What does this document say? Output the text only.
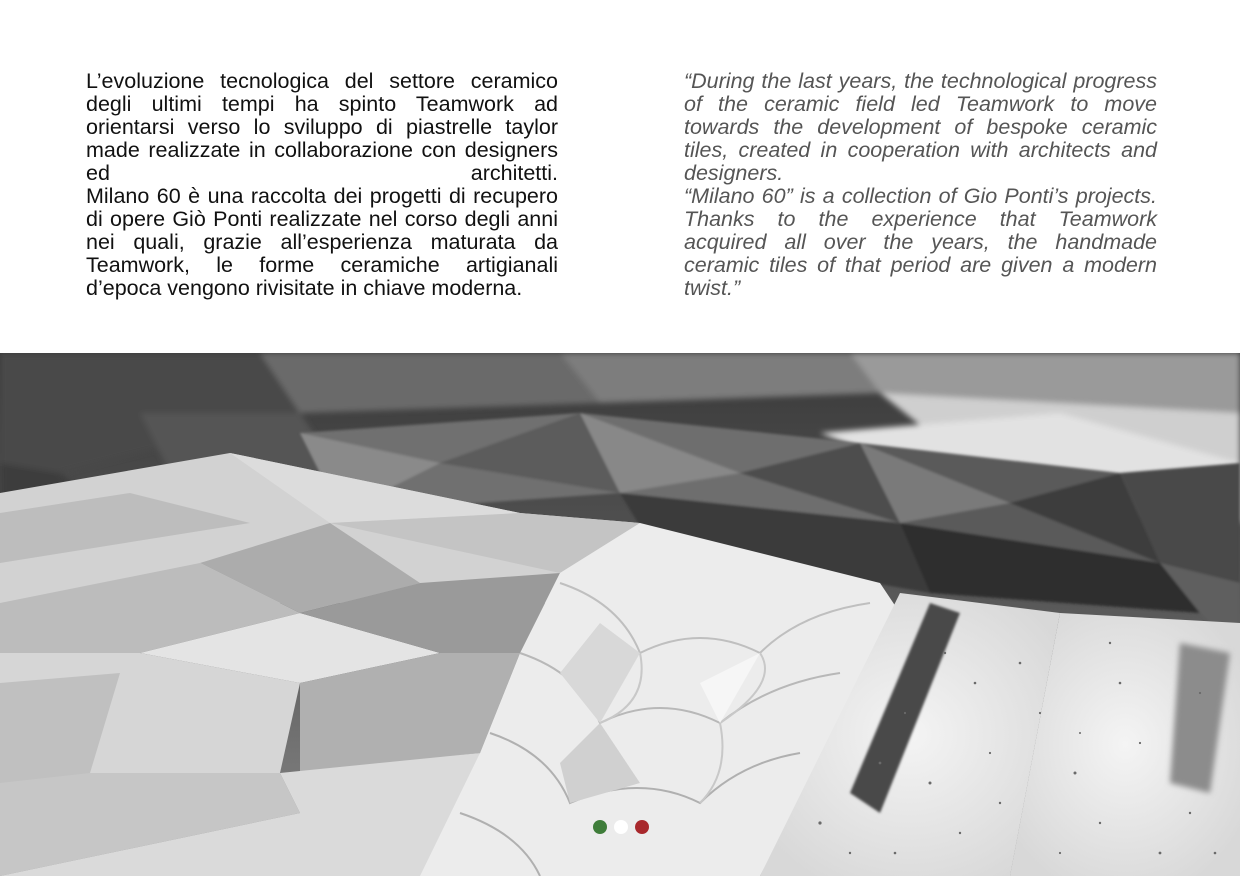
L’evoluzione tecnologica del settore ceramico degli ultimi tempi ha spinto Teamwork ad orientarsi verso lo sviluppo di piastrelle taylor made realizzate in collaborazione con designers ed architetti.

Milano 60 è una raccolta dei progetti di recupero di opere Giò Ponti realizzate nel corso degli anni nei quali, grazie all’esperienza maturata da Teamwork, le forme ceramiche artigianali d’epoca vengono rivisitate in chiave moderna.

“During the last years, the technological progress of the ceramic field led Teamwork to move towards the development of bespoke ceramic tiles, created in cooperation with architects and designers.

“Milano 60” is a collection of Gio Ponti’s projects. Thanks to the experience that Teamwork acquired all over the years, the handmade ceramic tiles of that period are given a modern twist.”
